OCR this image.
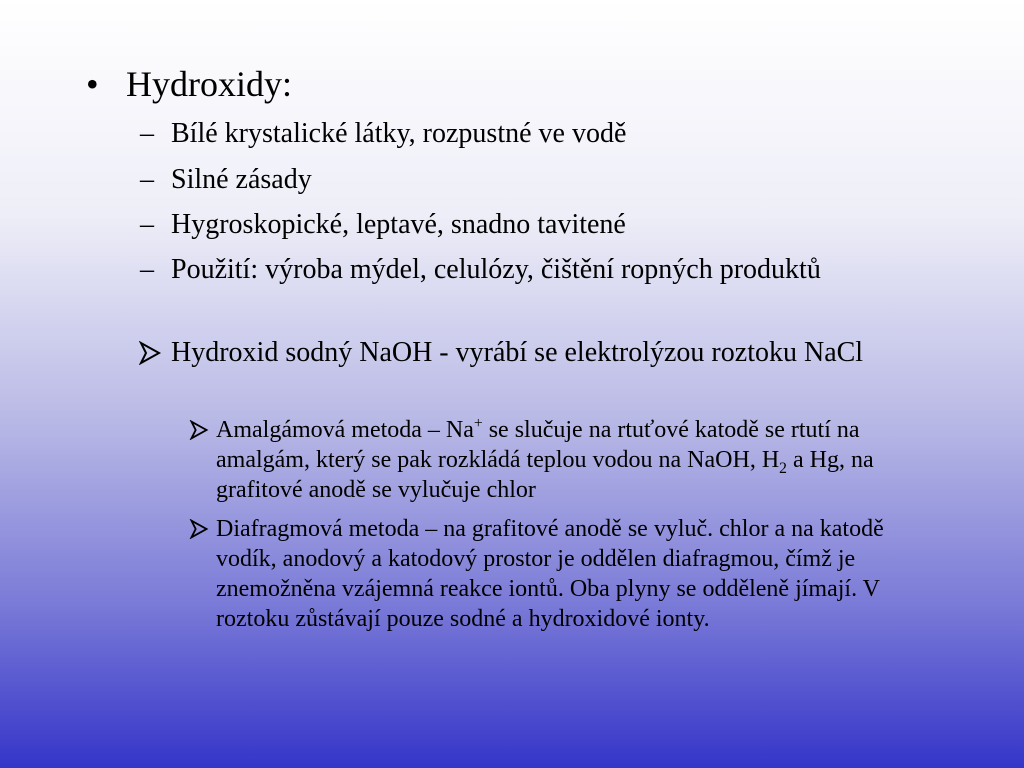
• Hydroxidy:
– Bílé krystalické látky, rozpustné ve vodě
– Silné zásady
– Hygroskopické, leptavé, snadno tavitené
– Použití: výroba mýdel, celulózy, čištění ropných produktů
Hydroxid sodný NaOH - vyrábí se elektrolýzou roztoku NaCl
Amalgámová metoda – Na+ se slučuje na rtuťové katodě se rtutí na amalgám, který se pak rozkládá teplou vodou na NaOH, $H_2$ a Hg, na grafitové anodě se vylučuje chlor
Diafragmová metoda – na grafitové anodě se vyluč. chlor a na katodě vodík, anodový a katodový prostor je oddělen diafragmou, čímž je znemožněna vzájemná reakce iontů. Oba plyny se odděleně jímají. V roztoku zůstávají pouze sodné a hydroxidové ionty.
